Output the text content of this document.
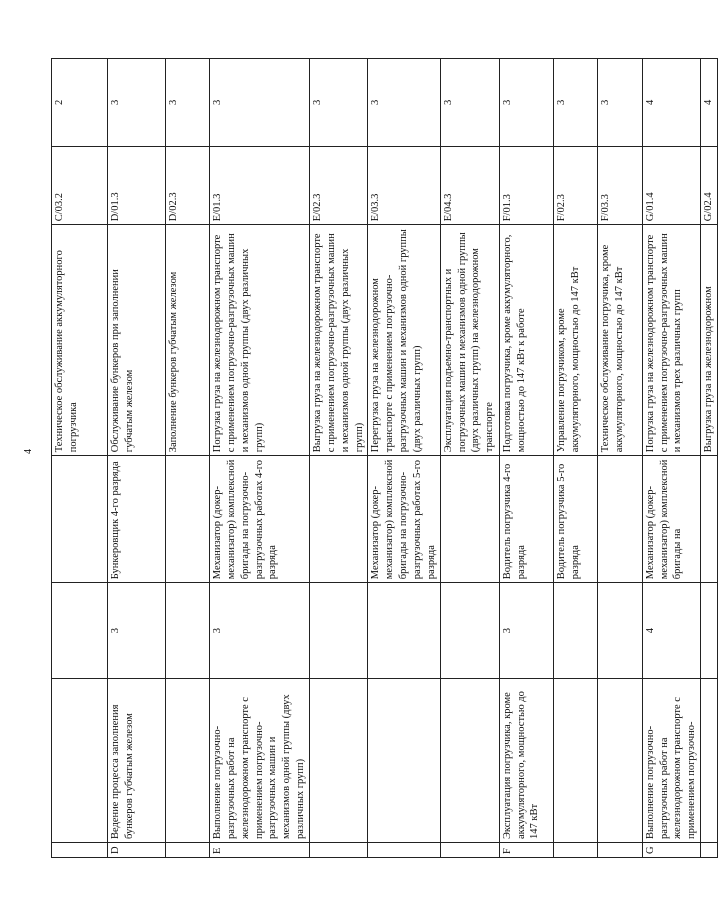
4
				Техническое обслуживание аккумуляторного погрузчика	C/03.2	2
D	Ведение процесса заполнения бункеров губчатым железом	3	Бункеровщик 4-го разряда	Обслуживание бункеров при заполнении губчатым железом	D/01.3	3
				Заполнение бункеров губчатым железом	D/02.3	3
E	Выполнение погрузочно-разгрузочных работ на железнодорожном транспорте с применением погрузочно-разгрузочных машин и механизмов одной группы (двух различных групп)	3	Механизатор (докер-механизатор) комплексной бригады на погрузочно-разгрузочных работах 4-го разряда	Погрузка груза на железнодорожном транспорте с применением погрузочно-разгрузочных машин и механизмов одной группы (двух различных групп)	E/01.3	3
				Выгрузка груза на железнодорожном транспорте с применением погрузочно-разгрузочных машин и механизмов одной группы (двух различных групп)	E/02.3	3
			Механизатор (докер-механизатор) комплексной бригады на погрузочно-разгрузочных работах 5-го разряда	Перегрузка груза на железнодорожном транспорте с применением погрузочно-разгрузочных машин и механизмов одной группы (двух различных групп)	E/03.3	3
				Эксплуатация подъемно-транспортных и погрузочных машин и механизмов одной группы (двух различных групп) на железнодорожном транспорте	E/04.3	3
F	Эксплуатация погрузчика, кроме аккумуляторного, мощностью до 147 кВт	3	Водитель погрузчика 4-го разряда	Подготовка погрузчика, кроме аккумуляторного, мощностью до 147 кВт к работе	F/01.3	3
			Водитель погрузчика 5-го разряда	Управление погрузчиком, кроме аккумуляторного, мощностью до 147 кВт	F/02.3	3
				Техническое обслуживание погрузчика, кроме аккумуляторного, мощностью до 147 кВт	F/03.3	3
G	Выполнение погрузочно-разгрузочных работ на железнодорожном транспорте с применением погрузочно-	4	Механизатор (докер-механизатор) комплексной бригады на	Погрузка груза на железнодорожном транспорте с применением погрузочно-разгрузочных машин и механизмов трех различных групп	G/01.4	4
				Выгрузка груза на железнодорожном	G/02.4	4
